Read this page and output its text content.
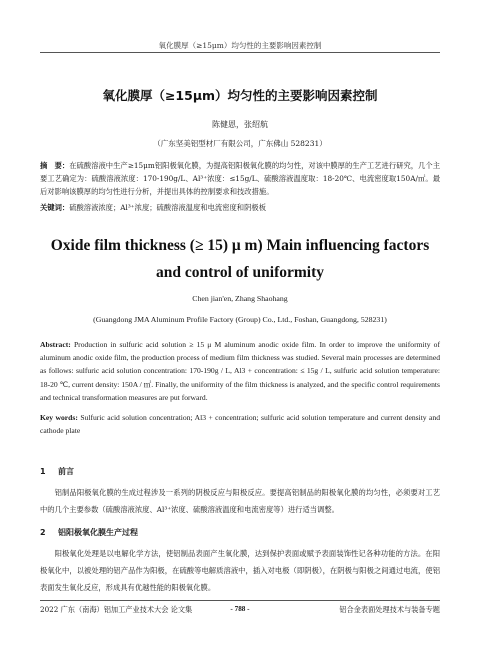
氧化膜厚（≥15μm）均匀性的主要影响因素控制
氧化膜厚（≥15μm）均匀性的主要影响因素控制
陈健恩，张绍航
（广东坚美铝型材厂有限公司，广东佛山 528231）
摘　要：在硫酸溶液中生产≥15μm铝阳极氧化膜，为提高铝阳极氧化膜的均匀性，对该中膜厚的生产工艺进行研究，几个主要工艺确定为：硫酸溶液浓度：170-190g/L、Al³⁺浓度：≤15g/L、硫酸溶液温度取：18-20℃、电流密度取150A/㎡。最后对影响该膜厚的均匀性进行分析，并提出具体的控制要求和技改措施。
关键词：硫酸溶液浓度；Al³⁺浓度；硫酸溶液温度和电流密度和阴极板
Oxide film thickness (≥ 15) μ m) Main influencing factors and control of uniformity
Chen jian'en, Zhang Shaohang
(Guangdong JMA Aluminum Profile Factory (Group) Co., Ltd., Foshan, Guangdong, 528231)
Abstract: Production in sulfuric acid solution ≥ 15 μ M aluminum anodic oxide film. In order to improve the uniformity of aluminum anodic oxide film, the production process of medium film thickness was studied. Several main processes are determined as follows: sulfuric acid solution concentration: 170-190g / L, Al3 + concentration: ≤ 15g / L, sulfuric acid solution temperature: 18-20 ℃, current density: 150A / ㎡. Finally, the uniformity of the film thickness is analyzed, and the specific control requirements and technical transformation measures are put forward.
Key words: Sulfuric acid solution concentration; Al3 + concentration; sulfuric acid solution temperature and current density and cathode plate
1 前言
铝制品阳极氧化膜的生成过程涉及一系列的阴极反应与阳极反应。要提高铝制品的阳极氧化膜的均匀性，必须要对工艺中的几个主要参数（硫酸溶液浓度、Al³⁺浓度、硫酸溶液温度和电流密度等）进行适当调整。
2 铝阳极氧化膜生产过程
阳极氧化处理是以电解化学方法，使铝制品表面产生氧化膜，达到保护表面或赋予表面装饰性记各种功能的方法。在阳极氧化中，以被处理的铝产品作为阳极，在硫酸等电解质溶液中，插入对电极（即阴极），在阴极与阳极之间通过电流，使铝表面发生氧化反应，形成具有优越性能的阳极氧化膜。
2022 广东（南海）铝加工产业技术大会 论文集	- 788 -	铝合金表面处理技术与装备专题
